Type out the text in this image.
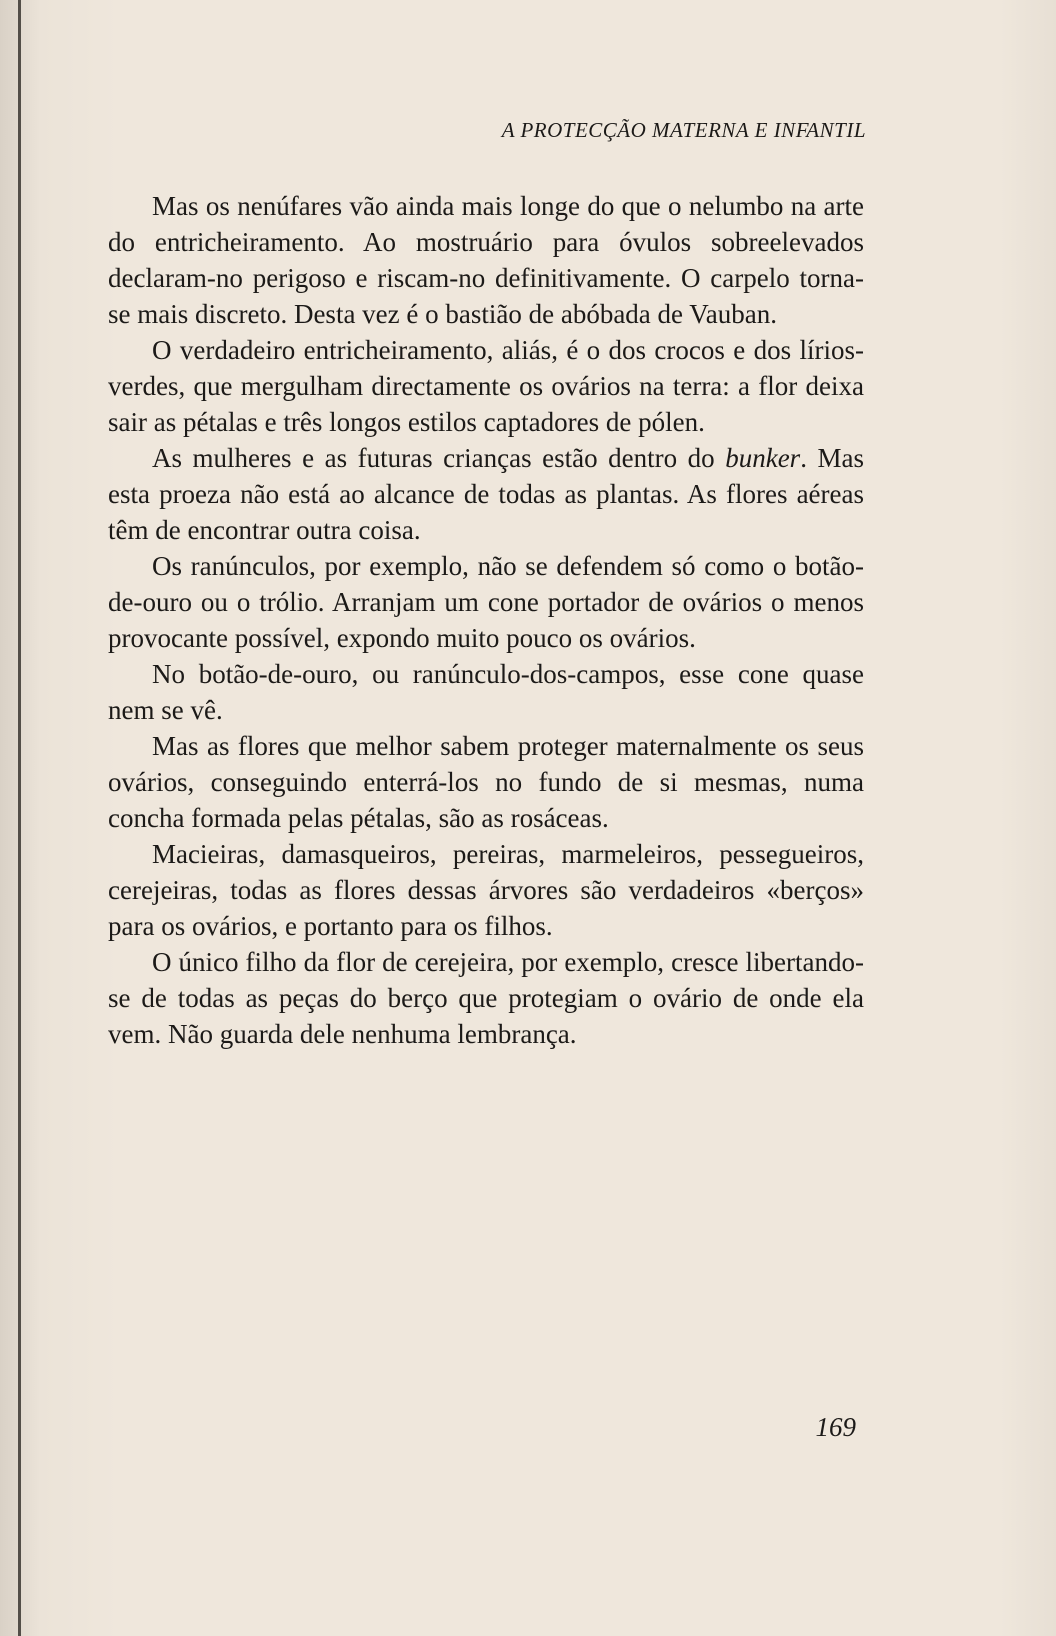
A PROTECÇÃO MATERNA E INFANTIL

Mas os nenúfares vão ainda mais longe do que o nelumbo na arte do entricheiramento. Ao mostruário para óvulos sobreelevados declaram-no perigoso e riscam-no definitivamente. O carpelo torna-se mais discreto. Desta vez é o bastião de abóbada de Vauban.

O verdadeiro entricheiramento, aliás, é o dos crocos e dos lírios-verdes, que mergulham directamente os ovários na terra: a flor deixa sair as pétalas e três longos estilos captadores de pólen.

As mulheres e as futuras crianças estão dentro do bunker. Mas esta proeza não está ao alcance de todas as plantas. As flores aéreas têm de encontrar outra coisa.

Os ranúnculos, por exemplo, não se defendem só como o botão-de-ouro ou o trólio. Arranjam um cone portador de ovários o menos provocante possível, expondo muito pouco os ovários.

No botão-de-ouro, ou ranúnculo-dos-campos, esse cone quase nem se vê.

Mas as flores que melhor sabem proteger maternalmente os seus ovários, conseguindo enterrá-los no fundo de si mesmas, numa concha formada pelas pétalas, são as rosáceas.

Macieiras, damasqueiros, pereiras, marmeleiros, pessegueiros, cerejeiras, todas as flores dessas árvores são verdadeiros «berços» para os ovários, e portanto para os filhos.

O único filho da flor de cerejeira, por exemplo, cresce libertando-se de todas as peças do berço que protegiam o ovário de onde ela vem. Não guarda dele nenhuma lembrança.

169
